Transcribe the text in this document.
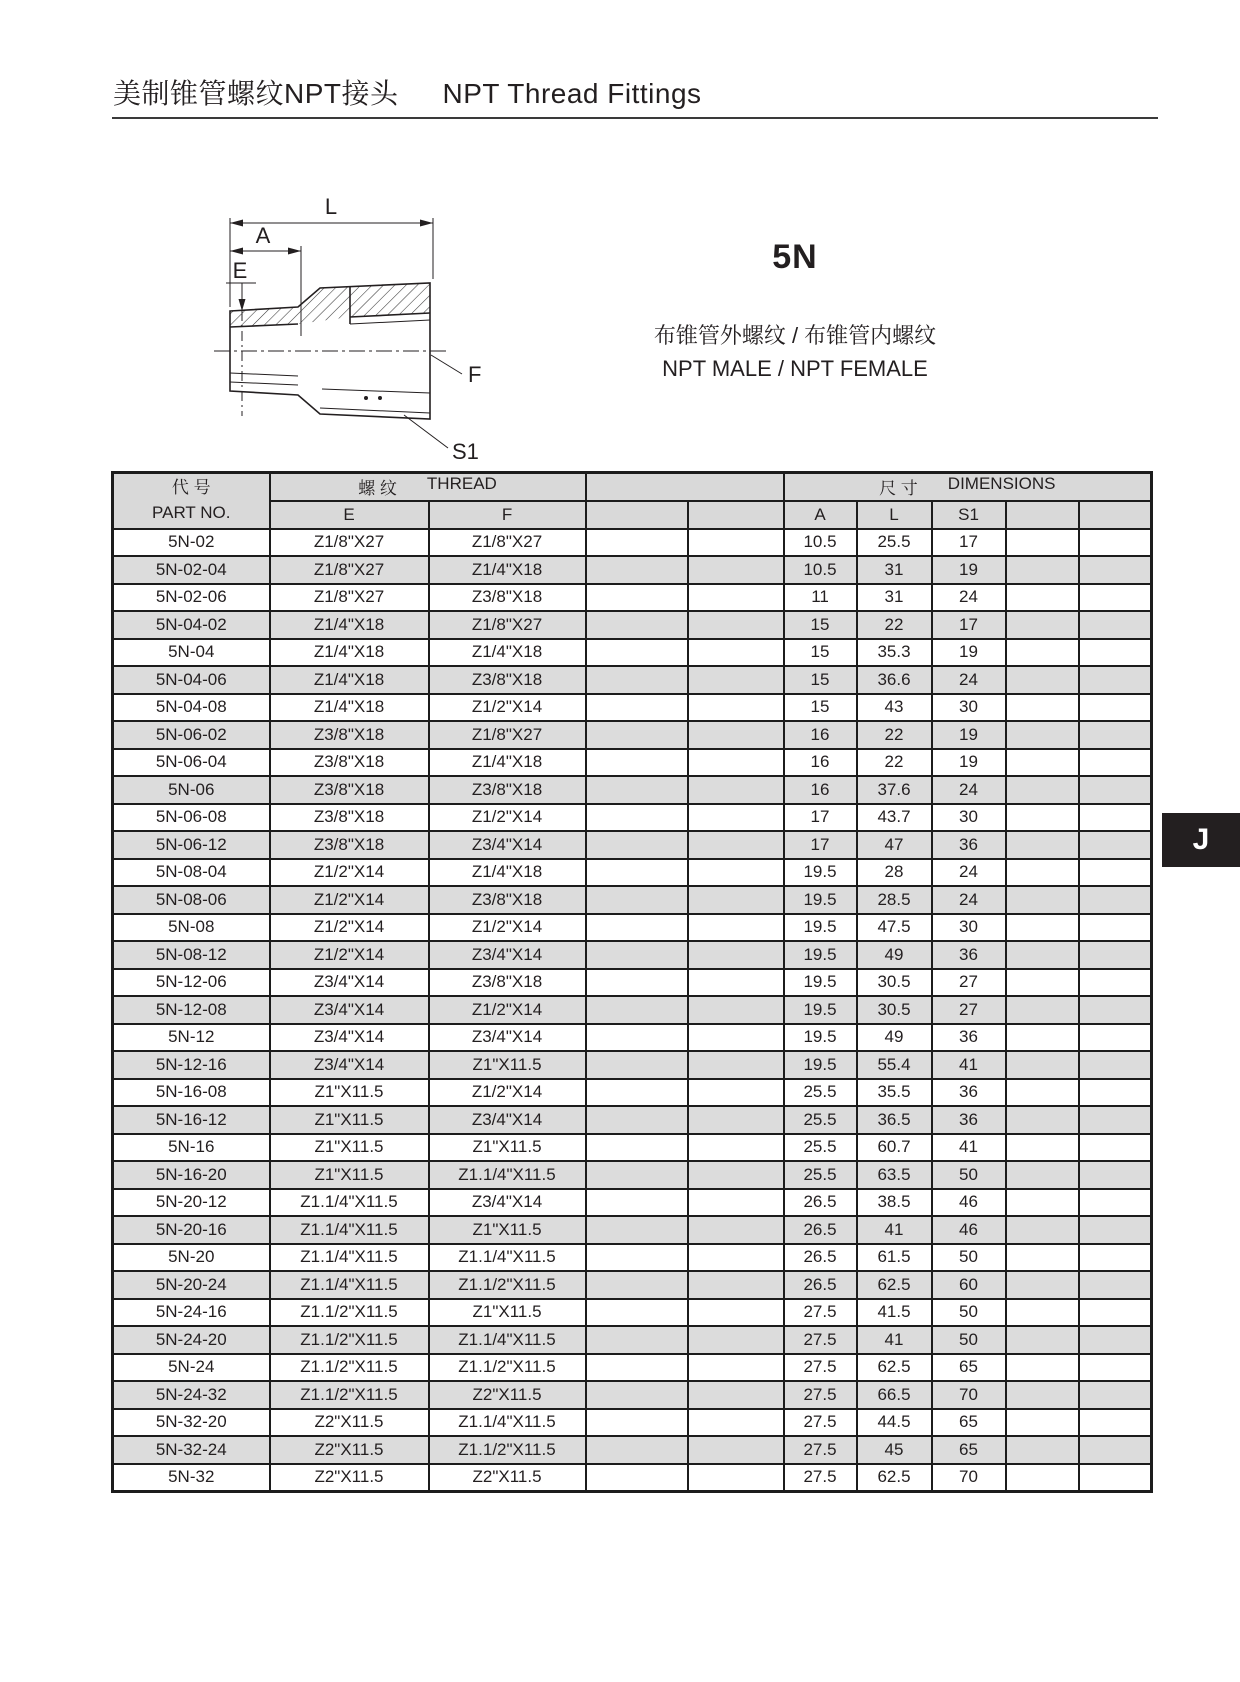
美制锥管螺纹NPT接头 NPT Thread Fittings
L
A
E
F
S1
5N
布锥管外螺纹 / 布锥管内螺纹
NPT MALE / NPT FEMALE
代 号
PART NO.

螺 纹 THREAD		尺 寸 DIMENSIONS

	E	F			A	L	S1		
5N-02	Z1/8"X27	Z1/8"X27			10.5	25.5	17		
5N-02-04	Z1/8"X27	Z1/4"X18			10.5	31	19		
5N-02-06	Z1/8"X27	Z3/8"X18			11	31	24		
5N-04-02	Z1/4"X18	Z1/8"X27			15	22	17		
5N-04	Z1/4"X18	Z1/4"X18			15	35.3	19		
5N-04-06	Z1/4"X18	Z3/8"X18			15	36.6	24		
5N-04-08	Z1/4"X18	Z1/2"X14			15	43	30		
5N-06-02	Z3/8"X18	Z1/8"X27			16	22	19		
5N-06-04	Z3/8"X18	Z1/4"X18			16	22	19		
5N-06	Z3/8"X18	Z3/8"X18			16	37.6	24		
5N-06-08	Z3/8"X18	Z1/2"X14			17	43.7	30		
5N-06-12	Z3/8"X18	Z3/4"X14			17	47	36		
5N-08-04	Z1/2"X14	Z1/4"X18			19.5	28	24		
5N-08-06	Z1/2"X14	Z3/8"X18			19.5	28.5	24		
5N-08	Z1/2"X14	Z1/2"X14			19.5	47.5	30		
5N-08-12	Z1/2"X14	Z3/4"X14			19.5	49	36		
5N-12-06	Z3/4"X14	Z3/8"X18			19.5	30.5	27		
5N-12-08	Z3/4"X14	Z1/2"X14			19.5	30.5	27		
5N-12	Z3/4"X14	Z3/4"X14			19.5	49	36		
5N-12-16	Z3/4"X14	Z1"X11.5			19.5	55.4	41		
5N-16-08	Z1"X11.5	Z1/2"X14			25.5	35.5	36		
5N-16-12	Z1"X11.5	Z3/4"X14			25.5	36.5	36		
5N-16	Z1"X11.5	Z1"X11.5			25.5	60.7	41		
5N-16-20	Z1"X11.5	Z1.1/4"X11.5			25.5	63.5	50		
5N-20-12	Z1.1/4"X11.5	Z3/4"X14			26.5	38.5	46		
5N-20-16	Z1.1/4"X11.5	Z1"X11.5			26.5	41	46		
5N-20	Z1.1/4"X11.5	Z1.1/4"X11.5			26.5	61.5	50		
5N-20-24	Z1.1/4"X11.5	Z1.1/2"X11.5			26.5	62.5	60		
5N-24-16	Z1.1/2"X11.5	Z1"X11.5			27.5	41.5	50		
5N-24-20	Z1.1/2"X11.5	Z1.1/4"X11.5			27.5	41	50		
5N-24	Z1.1/2"X11.5	Z1.1/2"X11.5			27.5	62.5	65		
5N-24-32	Z1.1/2"X11.5	Z2"X11.5			27.5	66.5	70		
5N-32-20	Z2"X11.5	Z1.1/4"X11.5			27.5	44.5	65		
5N-32-24	Z2"X11.5	Z1.1/2"X11.5			27.5	45	65		
5N-32	Z2"X11.5	Z2"X11.5			27.5	62.5	70		
J
